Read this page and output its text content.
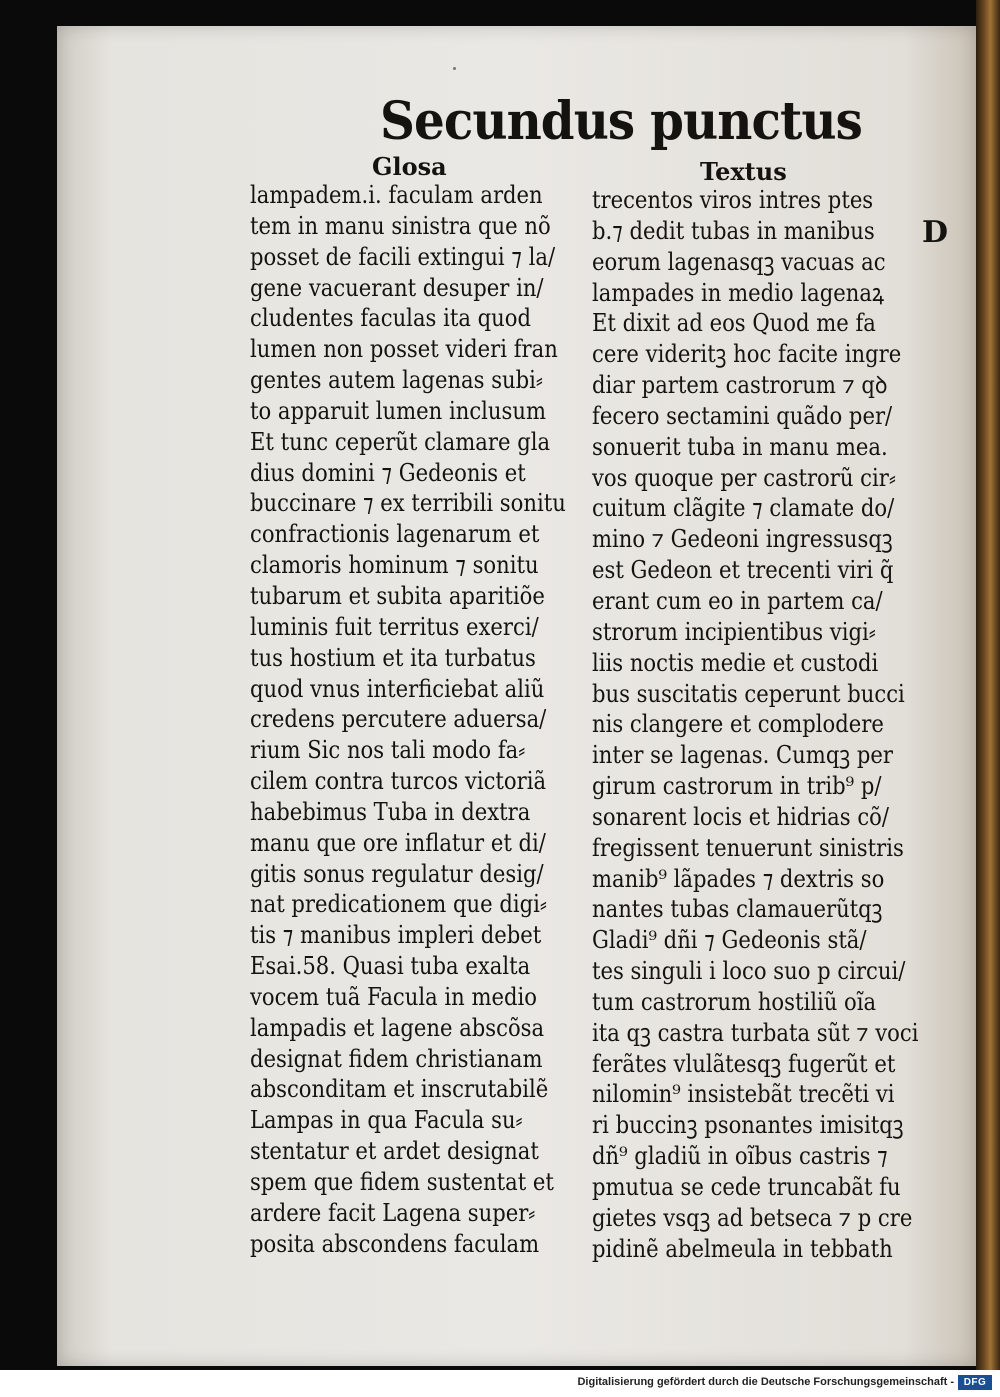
Secundus punctus
Glosa	Textus
lampadem.i. faculam arden
tem in manu sinistra que nõ
posset de facili extingui ⁊ la/
gene vacuerant desuper in/
cludentes faculas ita quod
lumen non posset videri fran
gentes autem lagenas subi⸗
to apparuit lumen inclusum
Et tunc ceperũt clamare gla
dius domini ⁊ Gedeonis et
buccinare ⁊ ex terribili sonitu
confractionis lagenarum et
clamoris hominum ⁊ sonitu
tubarum et subita aparitiõe
luminis fuit territus exerci/
tus hostium et ita turbatus
quod vnus interficiebat aliũ
credens percutere aduersa/
rium Sic nos tali modo fa⸗
cilem contra turcos victoriã
habebimus Tuba in dextra
manu que ore inflatur et di/
gitis sonus regulatur desig/
nat predicationem que digi⸗
tis ⁊ manibus impleri debet
Esai.58. Quasi tuba exalta
vocem tuã Facula in medio
lampadis et lagene abscõsa
designat fidem christianam
absconditam et inscrutabilẽ
Lampas in qua Facula su⸗
stentatur et ardet designat
spem que fidem sustentat et
ardere facit Lagena super⸗
posita abscondens faculam
trecentos viros intres ptes
b.⁊ dedit tubas in manibus
eorum lagenasqꝫ vacuas ac
lampades in medio lagenaꝝ
Et dixit ad eos Quod me fa
cere videritꝫ hoc facite ingre
diar partem castrorum ⁊ qꝺ
fecero sectamini quãdo per/
sonuerit tuba in manu mea.
vos quoque per castrorũ cir⸗
cuitum clãgite ⁊ clamate do/
mino ⁊ Gedeoni ingressusqꝫ
est Gedeon et trecenti viri q̃
erant cum eo in partem ca/
strorum incipientibus vigi⸗
liis noctis medie et custodi
bus suscitatis ceperunt bucci
nis clangere et complodere
inter se lagenas. Cumqꝫ per
girum castrorum in trib⁹ p/
sonarent locis et hidrias cõ/
fregissent tenuerunt sinistris
manib⁹ lãpades ⁊ dextris so
nantes tubas clamauerũtqꝫ
Gladi⁹ dñi ⁊ Gedeonis stã/
tes singuli i loco suo p circui/
tum castrorum hostiliũ oĩa
ita qꝫ castra turbata sũt ⁊ voci
ferãtes vlulãtesqꝫ fugerũt et
nilomin⁹ insistebãt trecẽti vi
ri buccinꝫ psonantes imisitqꝫ
dñ⁹ gladiũ in oĩbus castris ⁊
pmutua se cede truncabãt fu
gietes vsqꝫ ad betseca ⁊ p cre
pidinẽ abelmeula in tebbath
D
Digitalisierung gefördert durch die Deutsche Forschungsgemeinschaft - DFG
